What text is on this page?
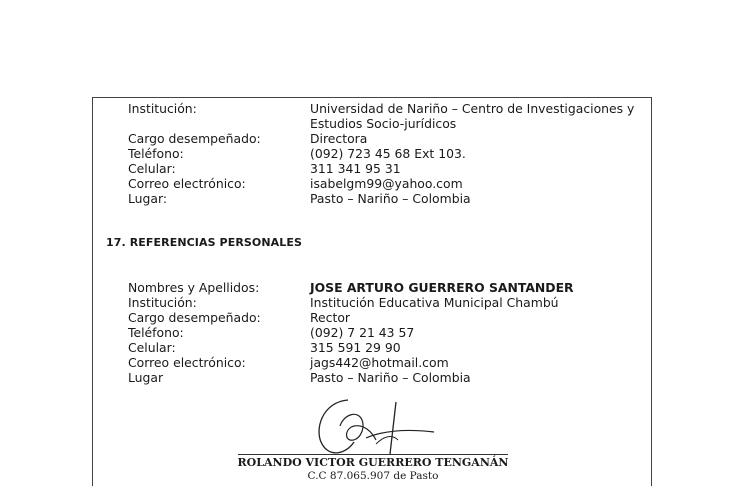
Institución:	Universidad de Nariño – Centro de Investigaciones y
Estudios Socio-jurídicos
Cargo desempeñado:	Directora
Teléfono:	(092) 723 45 68 Ext 103.
Celular:	311 341 95 31
Correo electrónico:	isabelgm99@yahoo.com
Lugar:	Pasto – Nariño – Colombia
17. REFERENCIAS PERSONALES
Nombres y Apellidos:	JOSE ARTURO GUERRERO SANTANDER
Institución:	Institución Educativa Municipal Chambú
Cargo desempeñado:	Rector
Teléfono:	(092) 7 21 43 57
Celular:	315 591 29 90
Correo electrónico:	jags442@hotmail.com
Lugar	Pasto – Nariño – Colombia
ROLANDO VICTOR GUERRERO TENGANÁN
C.C 87.065.907 de Pasto
